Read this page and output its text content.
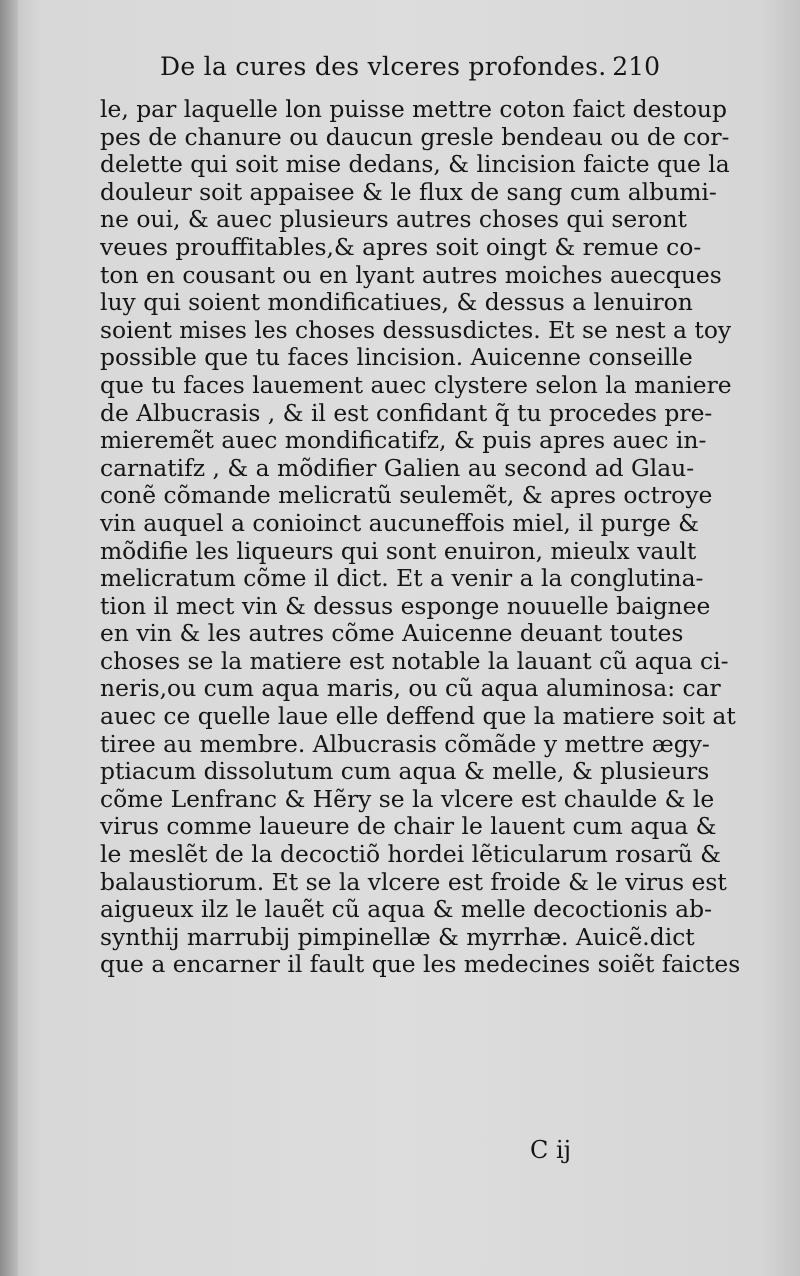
De la cures des vlceres profondes. 210
le, par laquelle lon puisse mettre coton faict destoup
pes de chanure ou daucun gresle bendeau ou de cor-
delette qui soit mise dedans, & lincision faicte que la
douleur soit appaisee & le flux de sang cum albumi-
ne oui, & auec plusieurs autres choses qui seront
veues prouffitables,& apres soit oingt & remue co-
ton en cousant ou en lyant autres moiches auecques
luy qui soient mondificatiues, & dessus a lenuiron
soient mises les choses dessusdictes. Et se nest a toy
possible que tu faces lincision. Auicenne conseille
que tu faces lauement auec clystere selon la maniere
de Albucrasis , & il est confidant q̃ tu procedes pre-
mieremẽt auec mondificatifz, & puis apres auec in-
carnatifz , & a mõdifier Galien au second ad Glau-
conẽ cõmande melicratũ seulemẽt, & apres octroye
vin auquel a conioinct aucuneffois miel, il purge &
mõdifie les liqueurs qui sont enuiron, mieulx vault
melicratum cõme il dict. Et a venir a la conglutina-
tion il mect vin & dessus esponge nouuelle baignee
en vin & les autres cõme Auicenne deuant toutes
choses se la matiere est notable la lauant cũ aqua ci-
neris,ou cum aqua maris, ou cũ aqua aluminosa: car
auec ce quelle laue elle deffend que la matiere soit at
tiree au membre. Albucrasis cõmãde y mettre ægy-
ptiacum dissolutum cum aqua & melle, & plusieurs
cõme Lenfranc & Hẽry se la vlcere est chaulde & le
virus comme laueure de chair le lauent cum aqua &
le meslẽt de la decoctiõ hordei lẽticularum rosarũ &
balaustiorum. Et se la vlcere est froide & le virus est
aigueux ilz le lauẽt cũ aqua & melle decoctionis ab-
synthij marrubij pimpinellæ & myrrhæ. Auicẽ.dict
que a encarner il fault que les medecines soiẽt faictes
C ij
